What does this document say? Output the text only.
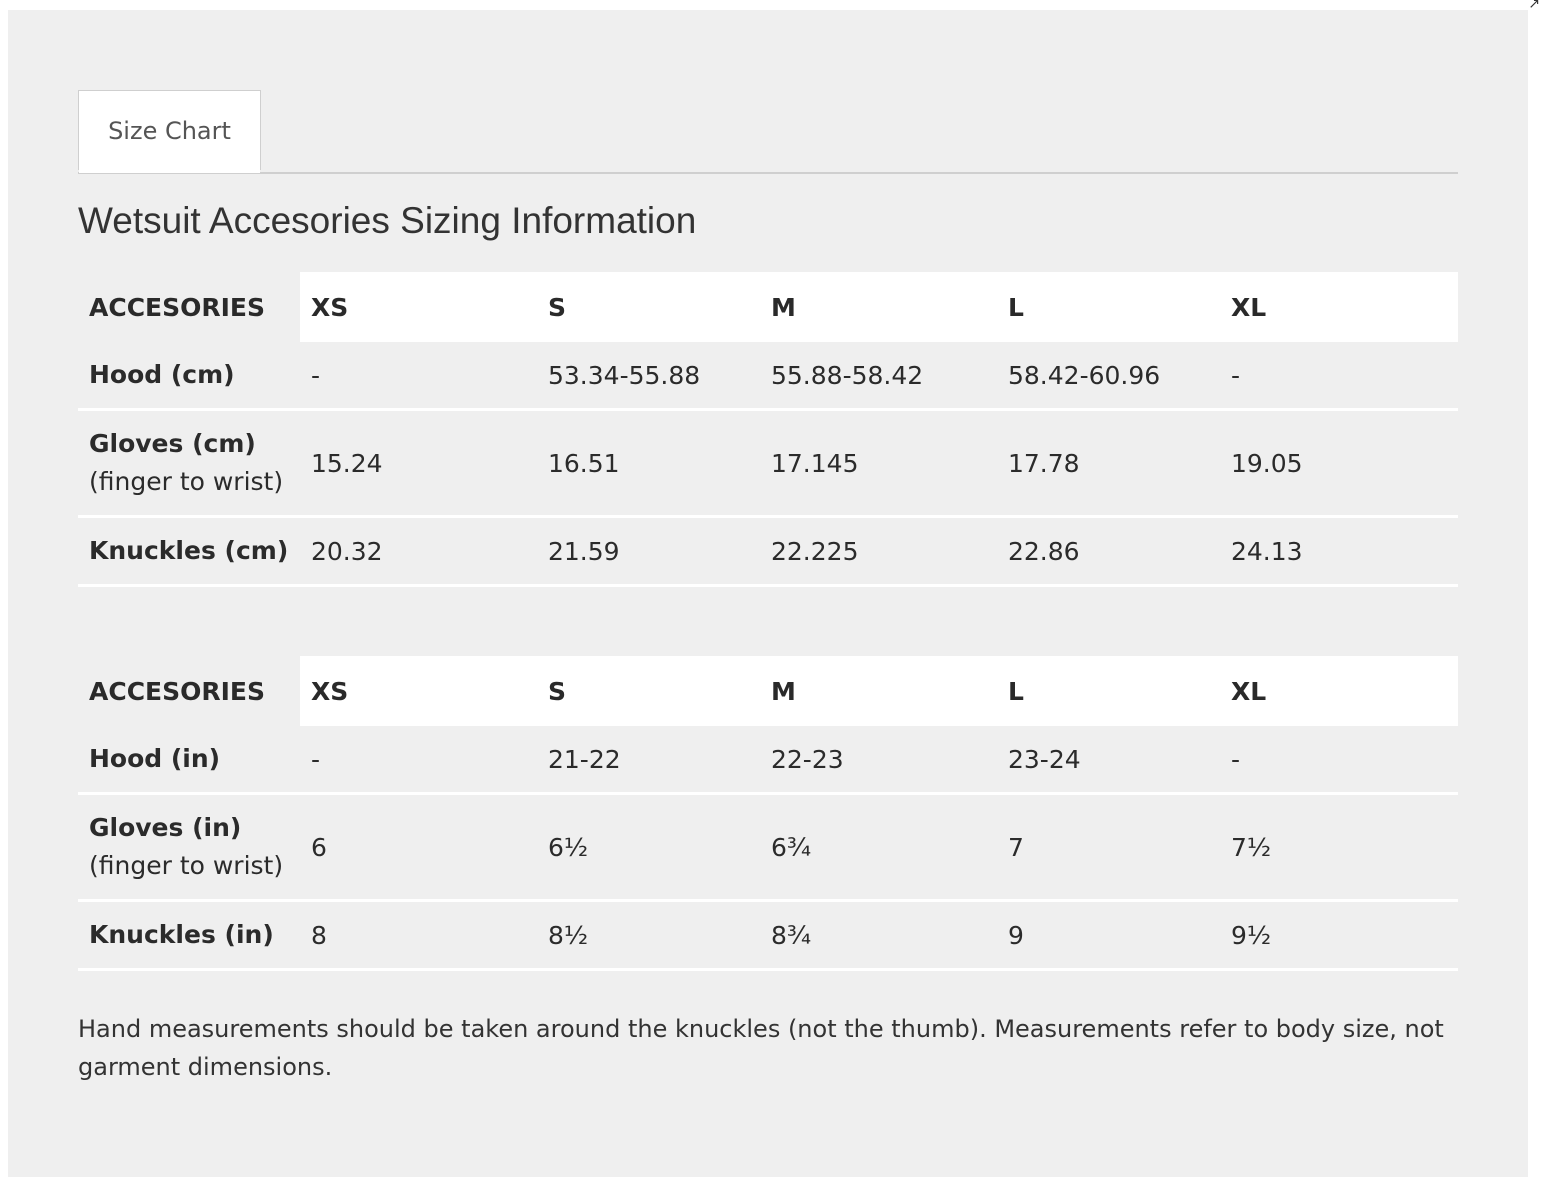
↗
Size Chart
Wetsuit Accesories Sizing Information
ACCESORIES	XS	S	M	L	XL

Hood (cm)	-	53.34-55.88	55.88-58.42	58.42-60.96	-

Gloves (cm)
(finger to wrist)	15.24	16.51	17.145	17.78	19.05

Knuckles (cm)	20.32	21.59	22.225	22.86	24.13
ACCESORIES	XS	S	M	L	XL

Hood (in)	-	21-22	22-23	23-24	-

Gloves (in)
(finger to wrist)	6	6½	6¾	7	7½

Knuckles (in)	8	8½	8¾	9	9½

Hand measurements should be taken around the knuckles (not the thumb). Measurements refer to body size, not garment dimensions.
